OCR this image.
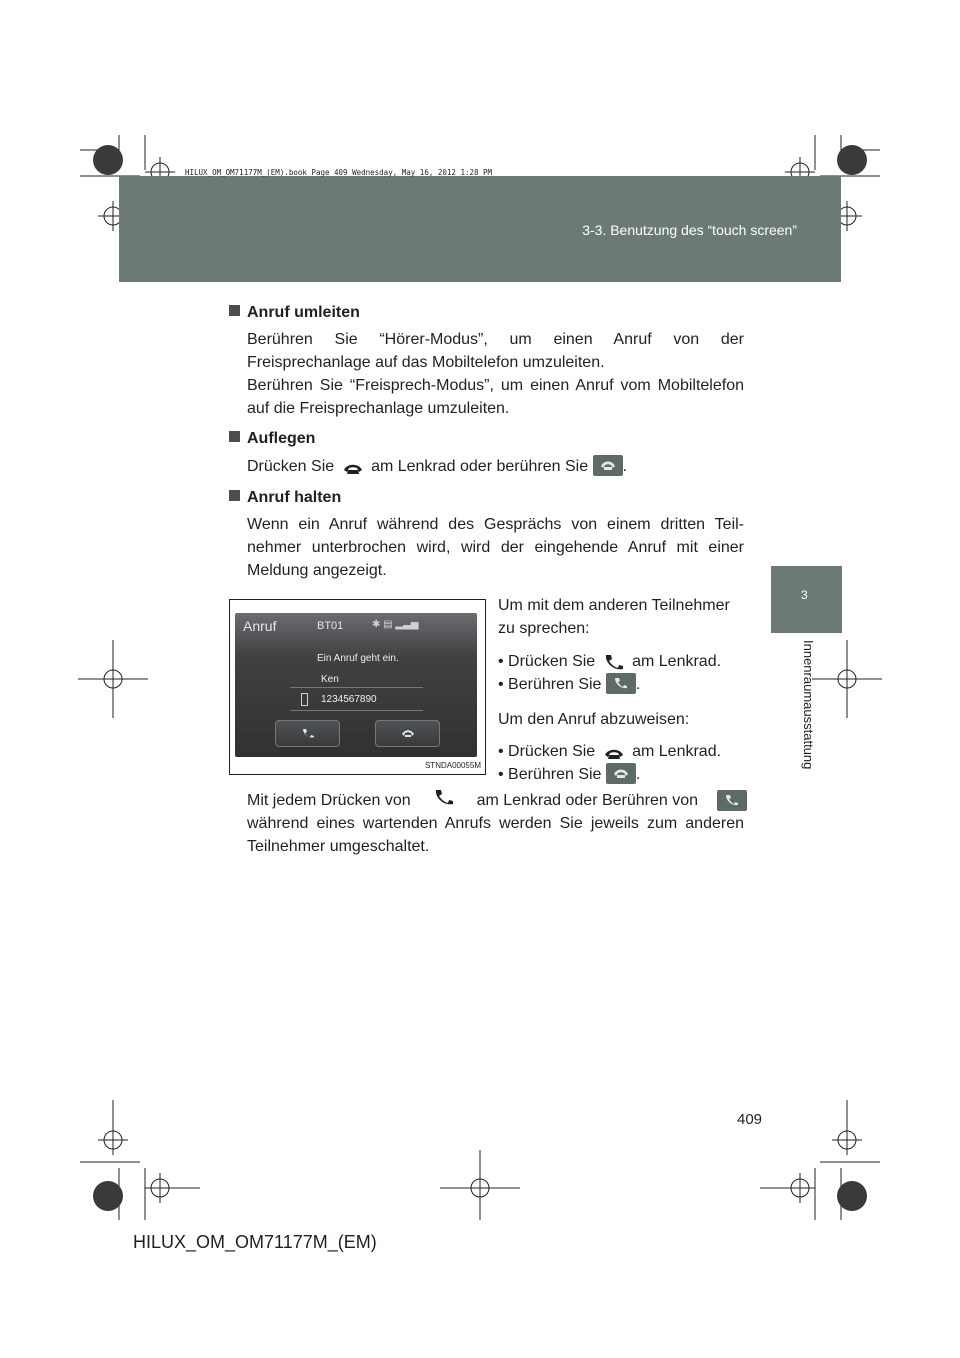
3-3. Benutzung des “touch screen”
HILUX_OM_OM71177M_(EM).book Page 409 Wednesday, May 16, 2012 1:28 PM
3
Innenraumausstattung
Anruf umleiten
Berühren Sie “Hörer-Modus”, um einen Anruf von der Freisprechanlage auf das Mobiltelefon umzuleiten.
Berühren Sie “Freisprech-Modus”, um einen Anruf vom Mobiltelefon auf die Freisprechanlage umzuleiten.
Auflegen
Drücken Sie am Lenkrad oder berühren Sie .
Anruf halten
Wenn ein Anruf während des Gesprächs von einem dritten Teil-nehmer unterbrochen wird, wird der eingehende Anruf mit einer Meldung angezeigt.
Anruf	BT01	✱ ▤ ▂▃▅
Ein Anruf geht ein.
Ken
1234567890
STNDA00055M
Um mit dem anderen Teilnehmer zu sprechen:
• Drücken Sie am Lenkrad.
• Berühren Sie .
Um den Anruf abzuweisen:
• Drücken Sie am Lenkrad.
• Berühren Sie .
Mit jedem Drücken von	am Lenkrad oder Berühren von
während eines wartenden Anrufs werden Sie jeweils zum anderen Teilnehmer umgeschaltet.
409
HILUX_OM_OM71177M_(EM)
